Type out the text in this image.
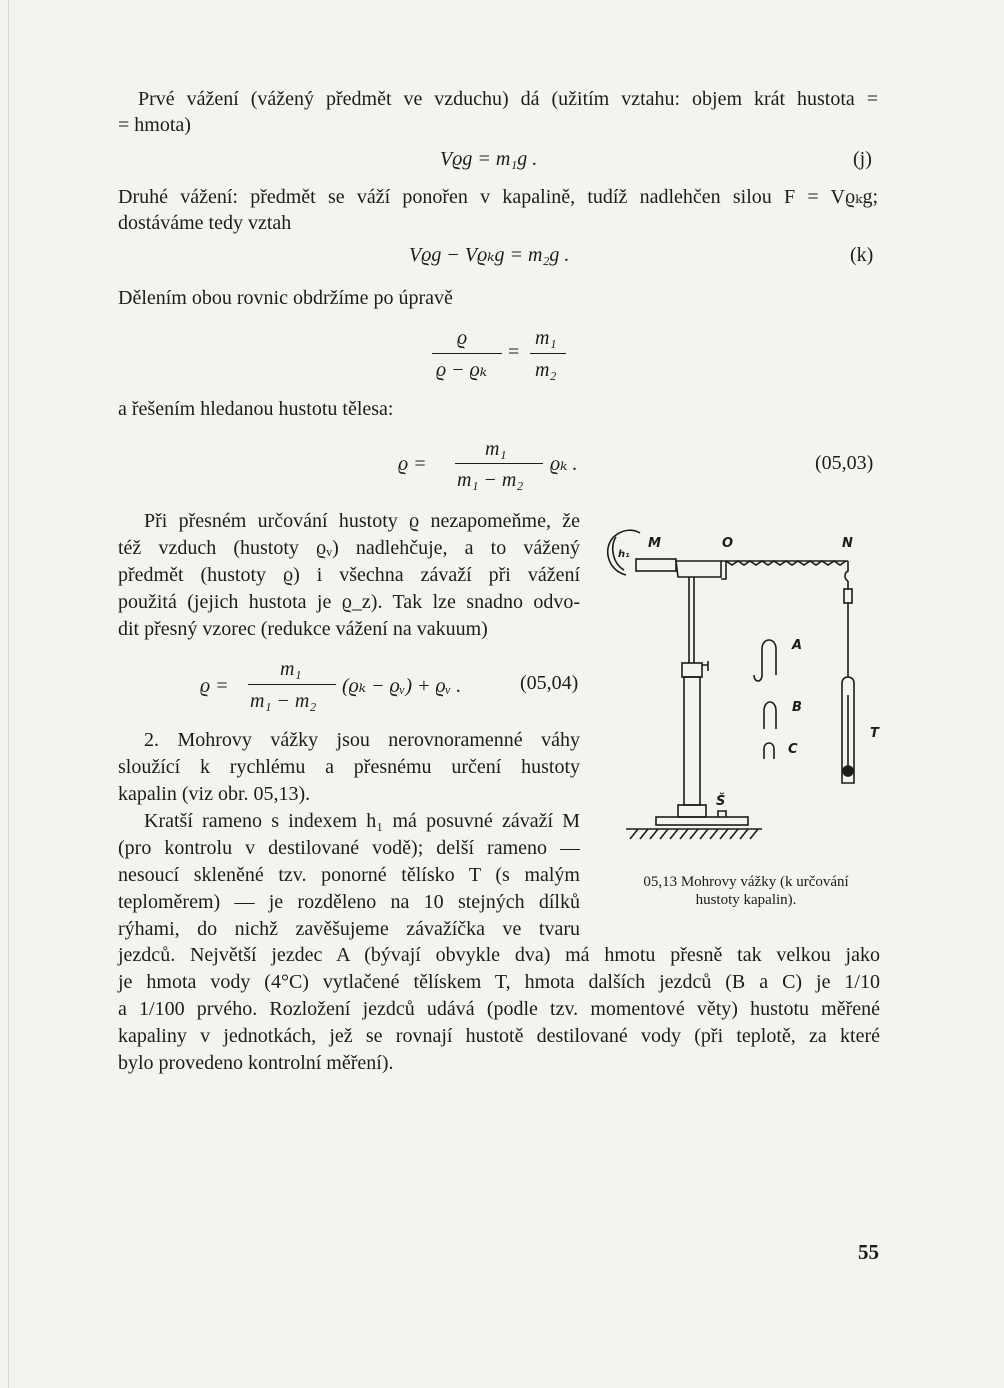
Prvé vážení (vážený předmět ve vzduchu) dá (užitím vztahu: objem krát hustota =
= hmota)
Vϱg = m₁g .	(j)
Druhé vážení: předmět se váží ponořen v kapalině, tudíž nadlehčen silou F = Vϱₖg;
dostáváme tedy vztah
Vϱg − Vϱₖg = m₂g .	(k)
Dělením obou rovnic obdržíme po úpravě
ϱ
ϱ − ϱₖ
=
m₁
m₂
a řešením hledanou hustotu tělesa:
ϱ =
m₁
m₁ − m₂
ϱₖ .	(05,03)
Při přesném určování hustoty ϱ nezapomeňme, že
též vzduch (hustoty ϱᵥ) nadlehčuje, a to vážený
předmět (hustoty ϱ) i všechna závaží při vážení
použitá (jejich hustota je ϱ_z). Tak lze snadno odvo-
dit přesný vzorec (redukce vážení na vakuum)
ϱ =
m₁
m₁ − m₂
(ϱₖ − ϱᵥ) + ϱᵥ .	(05,04)
2. Mohrovy vážky jsou nerovnoramenné váhy
sloužící k rychlému a přesnému určení hustoty
kapalin (viz obr. 05,13).
Kratší rameno s indexem h₁ má posuvné závaží M
(pro kontrolu v destilované vodě); delší rameno —
nesoucí skleněné tzv. ponorné tělísko T (s malým
teploměrem) — je rozděleno na 10 stejných dílků
rýhami, do nichž zavěšujeme závažíčka ve tvaru
jezdců. Největší jezdec A (bývají obvykle dva) má hmotu přesně tak velkou jako
je hmota vody (4°C) vytlačené tělískem T, hmota dalších jezdců (B a C) je 1/10
a 1/100 prvého. Rozložení jezdců udává (podle tzv. momentové věty) hustotu měřené
kapaliny v jednotkách, jež se rovnají hustotě destilované vody (při teplotě, za které
bylo provedeno kontrolní měření).
M	O	N
h₁
A
B
C
T
Š
05,13 Mohrovy vážky (k určování
hustoty kapalin).
55
